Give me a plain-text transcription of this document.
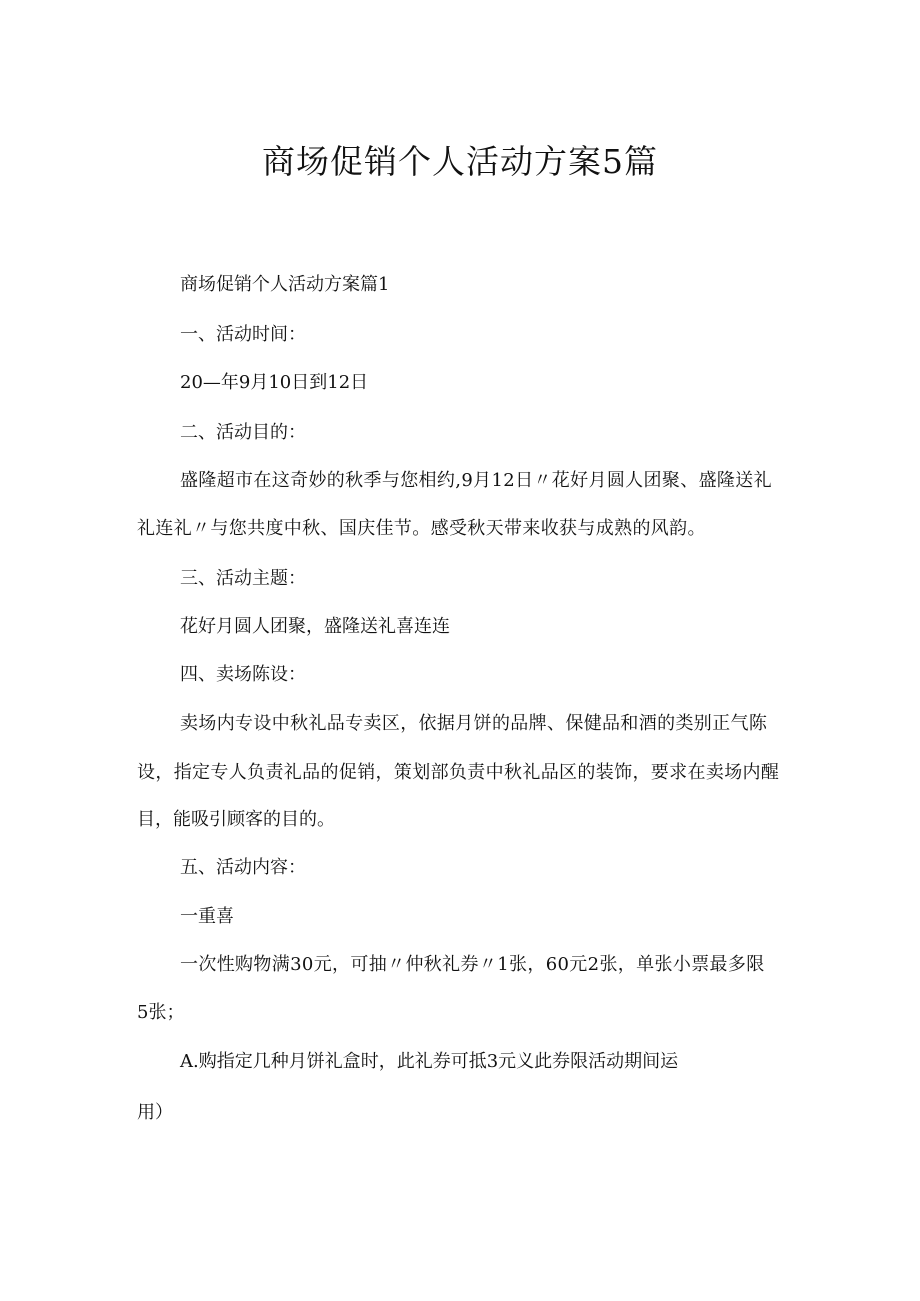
商场促销个人活动方案5篇

商场促销个人活动方案篇1

一、活动时间：

20—年9月10日到12日

二、活动目的：

盛隆超市在这奇妙的秋季与您相约,9月12日〃花好月圆人团聚、盛隆送礼

礼连礼〃与您共度中秋、国庆佳节。感受秋天带来收获与成熟的风韵。

三、活动主题：

花好月圆人团聚，盛隆送礼喜连连

四、卖场陈设：

卖场内专设中秋礼品专卖区，依据月饼的品牌、保健品和酒的类别正气陈

设，指定专人负责礼品的促销，策划部负责中秋礼品区的装饰，要求在卖场内醒

目，能吸引顾客的目的。

五、活动内容：

一重喜

一次性购物满30元，可抽〃仲秋礼券〃1张，60元2张，单张小票最多限

5张；

A.购指定几种月饼礼盒时，此礼券可抵3元义此券限活动期间运

用）
